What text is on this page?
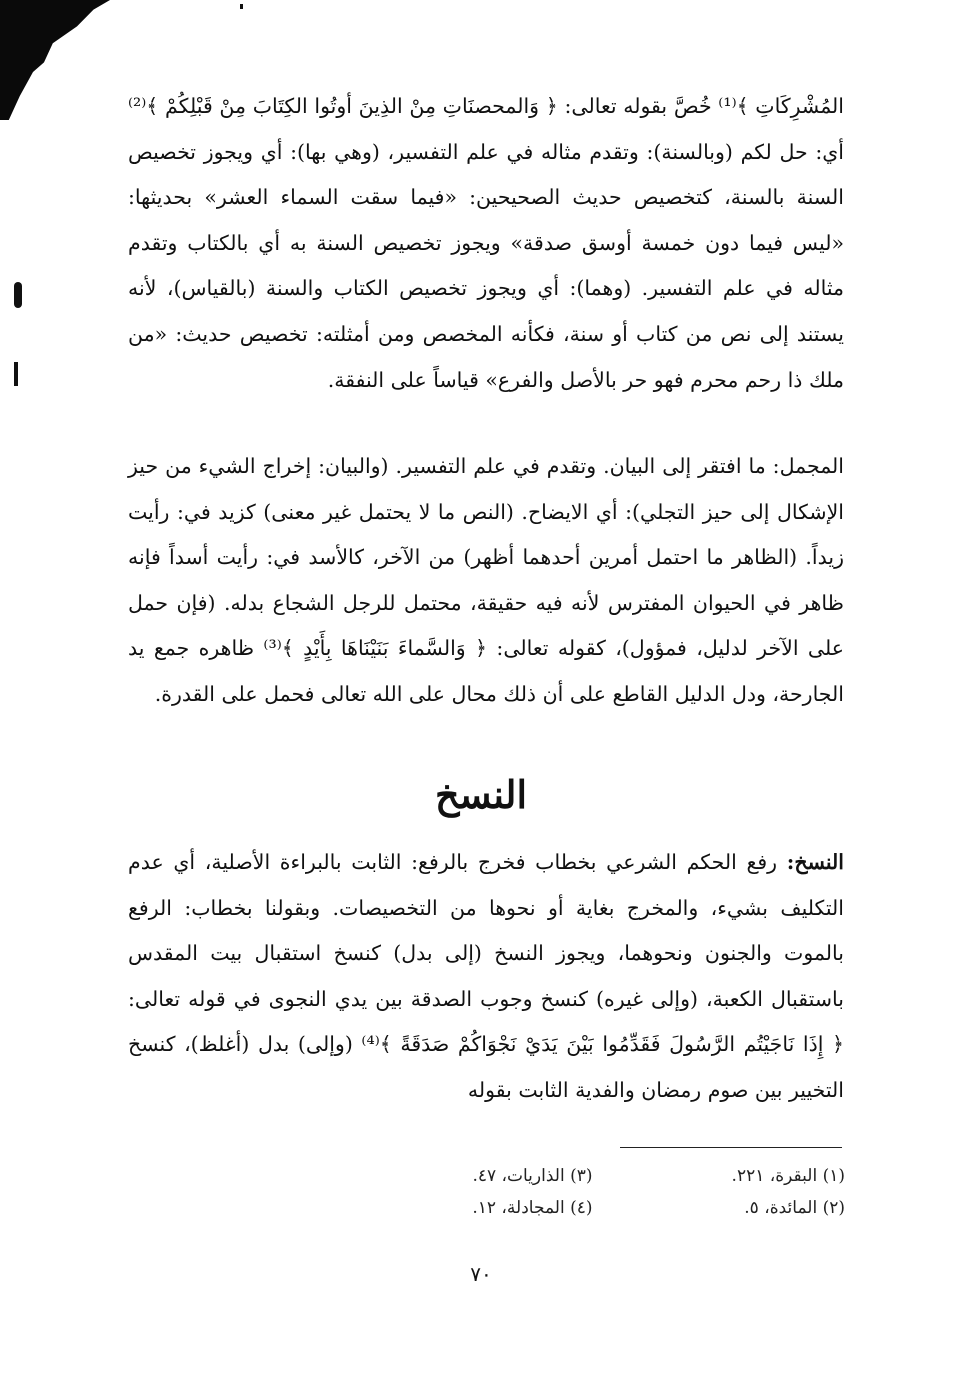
المُشْرِكَاتِ ﴾⁽¹⁾ خُصَّ بقوله تعالى: ﴿ وَالمحصنَاتِ مِنْ الذِينَ أوتُوا الكِتَابَ مِنْ قَبْلِكُمْ ﴾⁽²⁾ أي: حل لكم (وبالسنة): وتقدم مثاله في علم التفسير، (وهي بها): أي ويجوز تخصيص السنة بالسنة، كتخصيص حديث الصحيحين: «فيما سقت السماء العشر» بحديثها: «ليس فيما دون خمسة أوسق صدقة» ويجوز تخصيص السنة به أي بالكتاب وتقدم مثاله في علم التفسير. (وهما): أي ويجوز تخصيص الكتاب والسنة (بالقياس)، لأنه يستند إلى نص من كتاب أو سنة، فكأنه المخصص ومن أمثلته: تخصيص حديث: «من ملك ذا رحم محرم فهو حر بالأصل والفرع» قياساً على النفقة.

المجمل: ما افتقر إلى البيان. وتقدم في علم التفسير. (والبيان: إخراج الشيء من حيز الإشكال إلى حيز التجلي): أي الايضاح. (النص ما لا يحتمل غير معنى) كزيد في: رأيت زيداً. (الظاهر ما احتمل أمرين أحدهما أظهر) من الآخر، كالأسد في: رأيت أسداً فإنه ظاهر في الحيوان المفترس لأنه فيه حقيقة، محتمل للرجل الشجاع بدله. (فإن حمل على الآخر لدليل، فمؤول)، كقوله تعالى: ﴿ وَالسَّماءَ بَنَيْنَاهَا بِأَيْدٍ ﴾⁽³⁾ ظاهره جمع يد الجارحة، ودل الدليل القاطع على أن ذلك محال على الله تعالى فحمل على القدرة.

النسخ

النسخ: رفع الحكم الشرعي بخطاب فخرج بالرفع: الثابت بالبراءة الأصلية، أي عدم التكليف بشيء، والمخرج بغاية أو نحوها من التخصيصات. وبقولنا بخطاب: الرفع بالموت والجنون ونحوهما، ويجوز النسخ (إلى بدل) كنسخ استقبال بيت المقدس باستقبال الكعبة، (وإلى غيره) كنسخ وجوب الصدقة بين يدي النجوى في قوله تعالى: ﴿ إِذَا نَاجَيْتُم الرَّسُولَ فَقَدِّمُوا بَيْنَ يَدَيْ نَجْوَاكُمْ صَدَقَةً ﴾⁽⁴⁾ (وإلى) بدل (أغلظ)، كنسخ التخيير بين صوم رمضان والفدية الثابت بقوله

(١) البقرة، ٢٢١.
(٣) الذاريات، ٤٧.
(٢) المائدة، ٥.
(٤) المجادلة، ١٢.
٧٠
